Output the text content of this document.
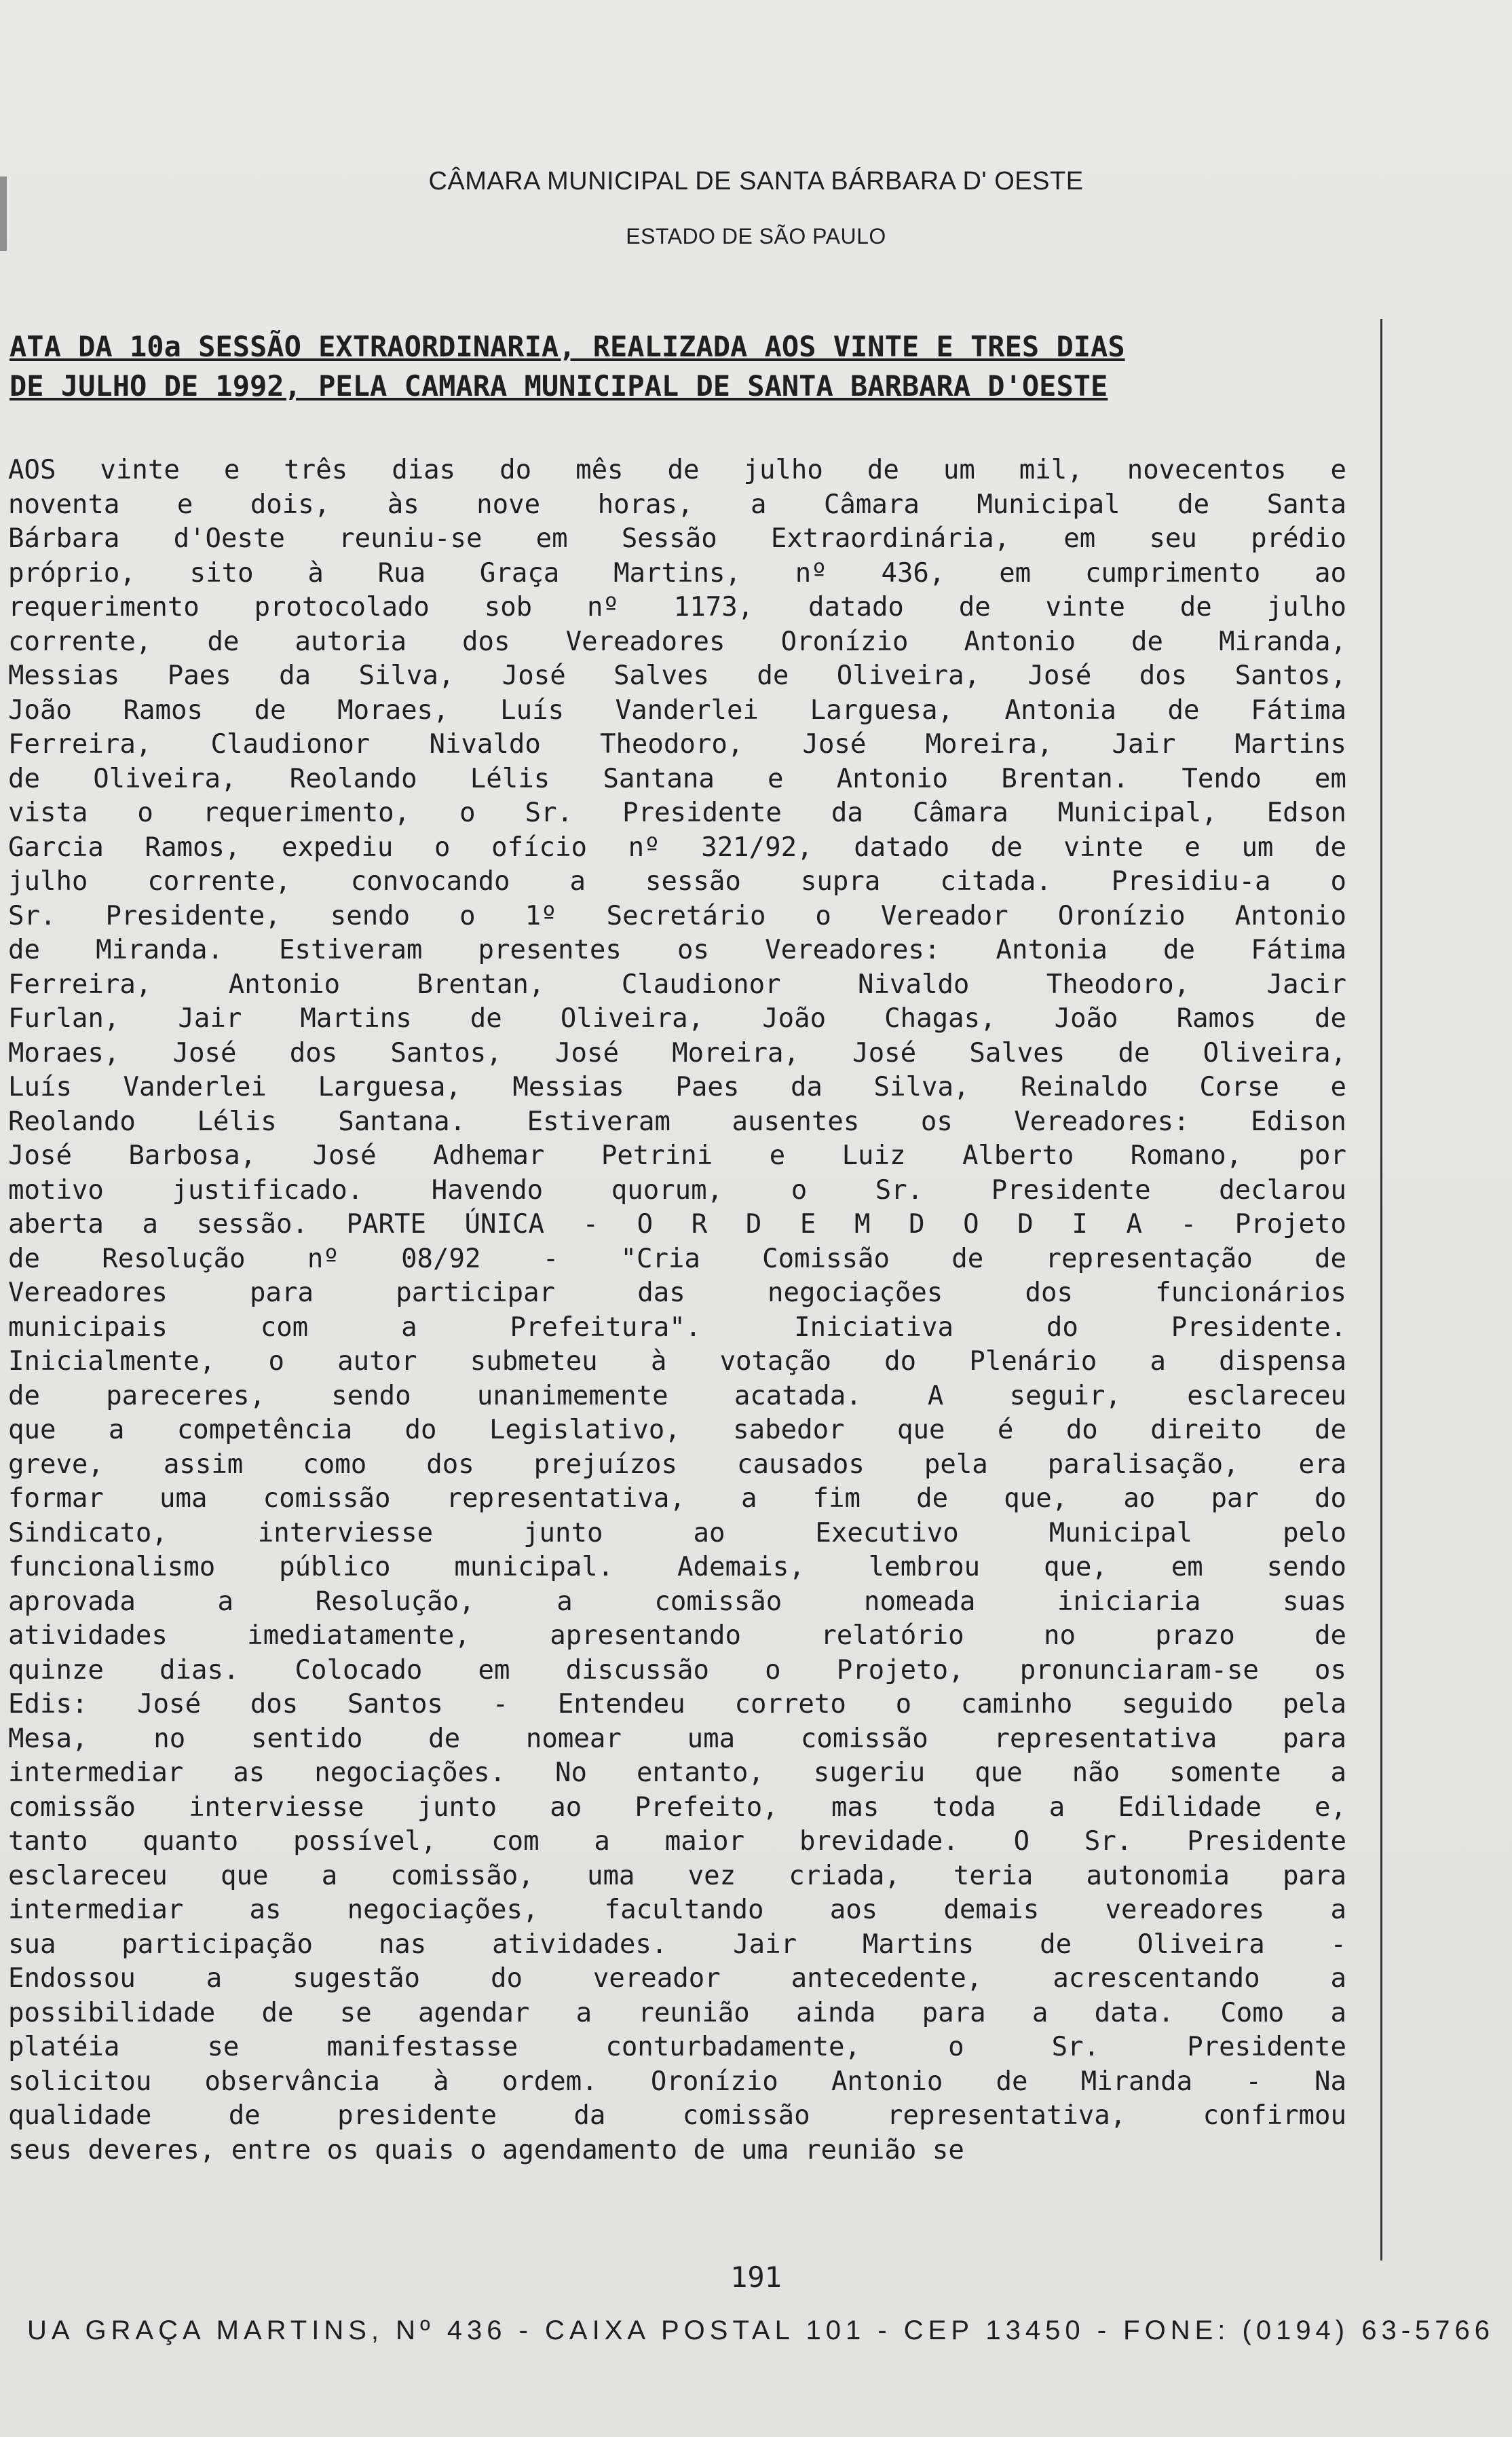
CÂMARA MUNICIPAL DE SANTA BÁRBARA D' OESTE
ESTADO DE SÃO PAULO
ATA DA 10a SESSÃO EXTRAORDINARIA, REALIZADA AOS VINTE E TRES DIAS
DE JULHO DE 1992, PELA CAMARA MUNICIPAL DE SANTA BARBARA D'OESTE
AOS vinte e três dias do mês de julho de um mil, novecentos e
noventa e dois, às nove horas, a Câmara Municipal de Santa
Bárbara d'Oeste reuniu-se em Sessão Extraordinária, em seu prédio
próprio, sito à Rua Graça Martins, nº 436, em cumprimento ao
requerimento protocolado sob nº 1173, datado de vinte de julho
corrente, de autoria dos Vereadores Oronízio Antonio de Miranda,
Messias Paes da Silva, José Salves de Oliveira, José dos Santos,
João Ramos de Moraes, Luís Vanderlei Larguesa, Antonia de Fátima
Ferreira, Claudionor Nivaldo Theodoro, José Moreira, Jair Martins
de Oliveira, Reolando Lélis Santana e Antonio Brentan. Tendo em
vista o requerimento, o Sr. Presidente da Câmara Municipal, Edson
Garcia Ramos, expediu o ofício nº 321/92, datado de vinte e um de
julho corrente, convocando a sessão supra citada. Presidiu-a o
Sr. Presidente, sendo o 1º Secretário o Vereador Oronízio Antonio
de Miranda. Estiveram presentes os Vereadores: Antonia de Fátima
Ferreira, Antonio Brentan, Claudionor Nivaldo Theodoro, Jacir
Furlan, Jair Martins de Oliveira, João Chagas, João Ramos de
Moraes, José dos Santos, José Moreira, José Salves de Oliveira,
Luís Vanderlei Larguesa, Messias Paes da Silva, Reinaldo Corse e
Reolando Lélis Santana. Estiveram ausentes os Vereadores: Edison
José Barbosa, José Adhemar Petrini e Luiz Alberto Romano, por
motivo justificado. Havendo quorum, o Sr. Presidente declarou
aberta a sessão. PARTE ÚNICA - O R D E M D O D I A - Projeto
de Resolução nº 08/92 - "Cria Comissão de representação de
Vereadores para participar das negociações dos funcionários
municipais com a Prefeitura". Iniciativa do Presidente.
Inicialmente, o autor submeteu à votação do Plenário a dispensa
de pareceres, sendo unanimemente acatada. A seguir, esclareceu
que a competência do Legislativo, sabedor que é do direito de
greve, assim como dos prejuízos causados pela paralisação, era
formar uma comissão representativa, a fim de que, ao par do
Sindicato, interviesse junto ao Executivo Municipal pelo
funcionalismo público municipal. Ademais, lembrou que, em sendo
aprovada a Resolução, a comissão nomeada iniciaria suas
atividades imediatamente, apresentando relatório no prazo de
quinze dias. Colocado em discussão o Projeto, pronunciaram-se os
Edis: José dos Santos - Entendeu correto o caminho seguido pela
Mesa, no sentido de nomear uma comissão representativa para
intermediar as negociações. No entanto, sugeriu que não somente a
comissão interviesse junto ao Prefeito, mas toda a Edilidade e,
tanto quanto possível, com a maior brevidade. O Sr. Presidente
esclareceu que a comissão, uma vez criada, teria autonomia para
intermediar as negociações, facultando aos demais vereadores a
sua participação nas atividades. Jair Martins de Oliveira -
Endossou a sugestão do vereador antecedente, acrescentando a
possibilidade de se agendar a reunião ainda para a data. Como a
platéia se manifestasse conturbadamente, o Sr. Presidente
solicitou observância à ordem. Oronízio Antonio de Miranda - Na
qualidade de presidente da comissão representativa, confirmou
seus deveres, entre os quais o agendamento de uma reunião se
191
UA GRAÇA MARTINS, Nº 436 - CAIXA POSTAL 101 - CEP 13450 - FONE: (0194) 63-5766
